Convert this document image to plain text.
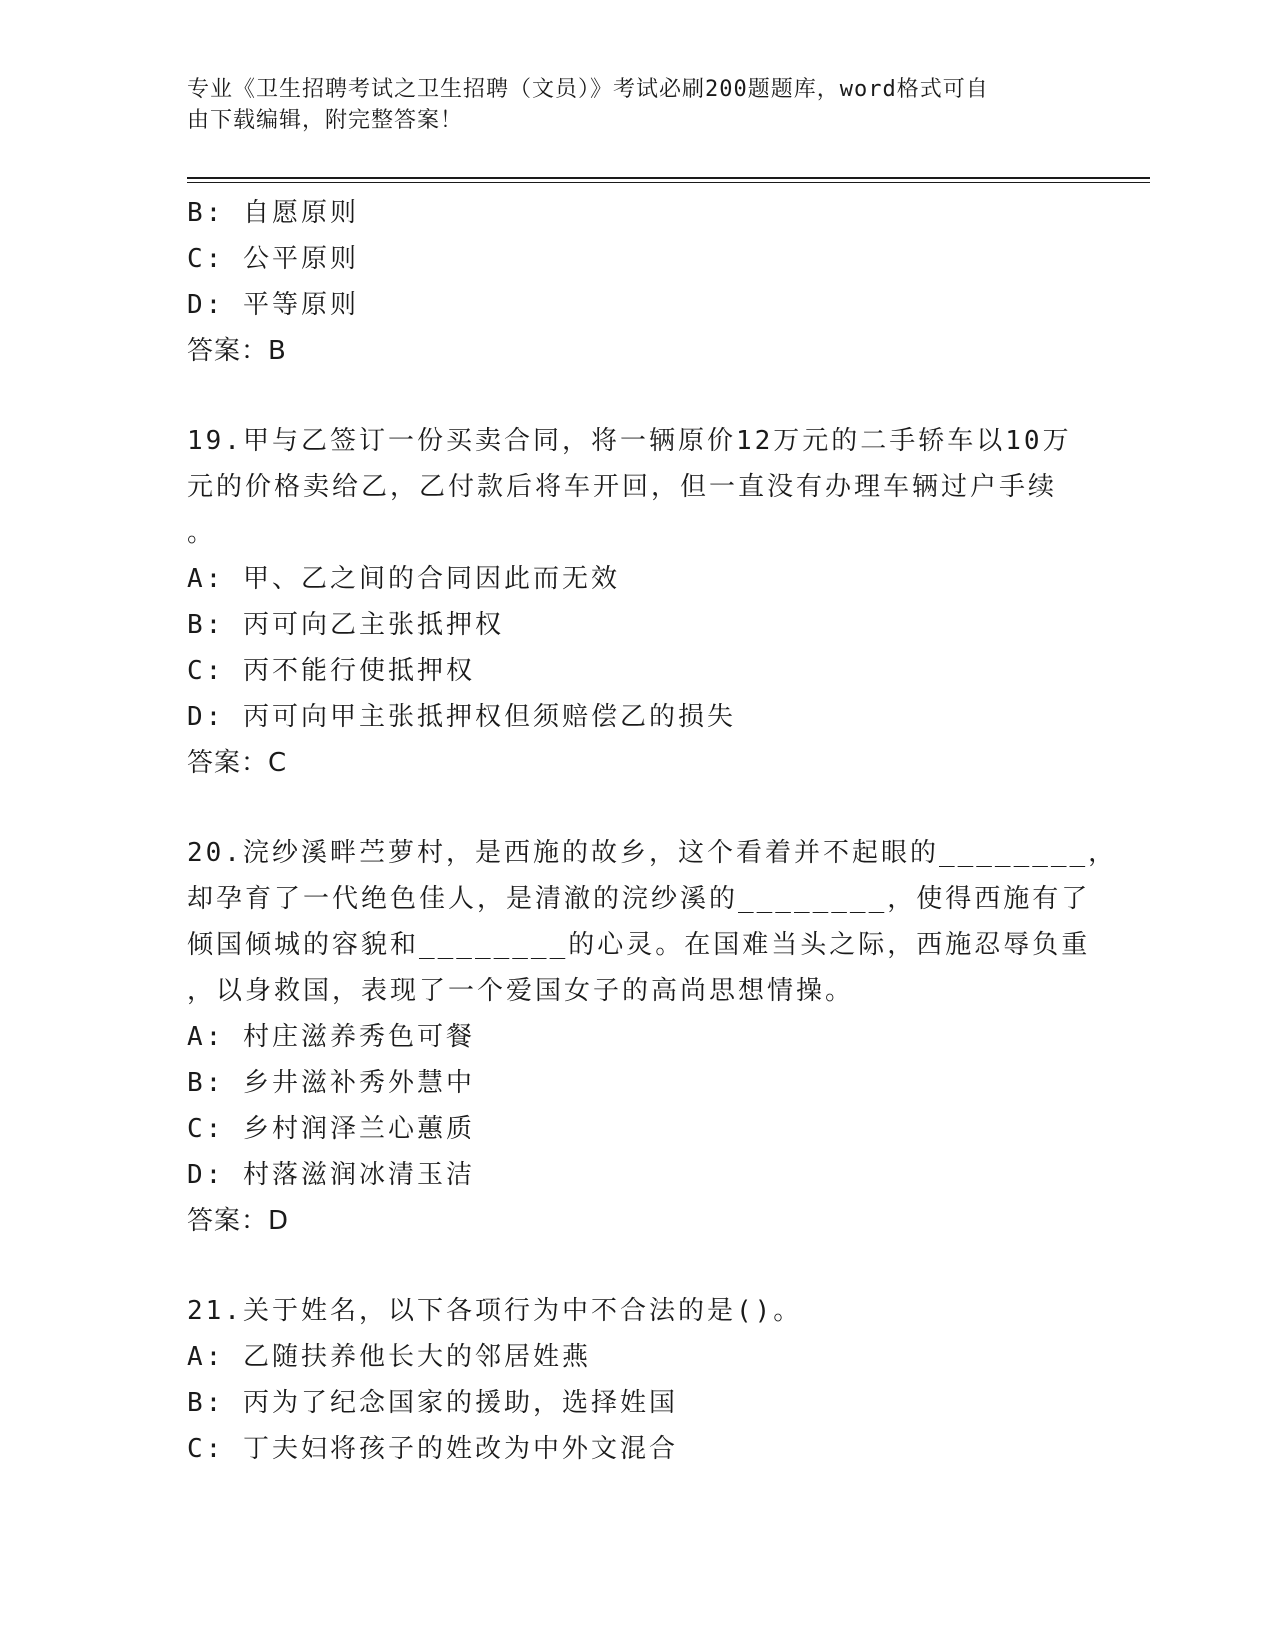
专业《卫生招聘考试之卫生招聘（文员）》考试必刷200题题库，word格式可自
由下载编辑，附完整答案！
B: 自愿原则
C: 公平原则
D: 平等原则
答案：B
19.甲与乙签订一份买卖合同，将一辆原价12万元的二手轿车以10万
元的价格卖给乙，乙付款后将车开回，但一直没有办理车辆过户手续
。
A: 甲、乙之间的合同因此而无效
B: 丙可向乙主张抵押权
C: 丙不能行使抵押权
D: 丙可向甲主张抵押权但须赔偿乙的损失
答案：C
20.浣纱溪畔苎萝村，是西施的故乡，这个看着并不起眼的________，
却孕育了一代绝色佳人，是清澈的浣纱溪的________，使得西施有了
倾国倾城的容貌和________的心灵。在国难当头之际，西施忍辱负重
，以身救国，表现了一个爱国女子的高尚思想情操。
A: 村庄滋养秀色可餐
B: 乡井滋补秀外慧中
C: 乡村润泽兰心蕙质
D: 村落滋润冰清玉洁
答案：D
21.关于姓名，以下各项行为中不合法的是()。
A: 乙随扶养他长大的邻居姓燕
B: 丙为了纪念国家的援助，选择姓国
C: 丁夫妇将孩子的姓改为中外文混合
